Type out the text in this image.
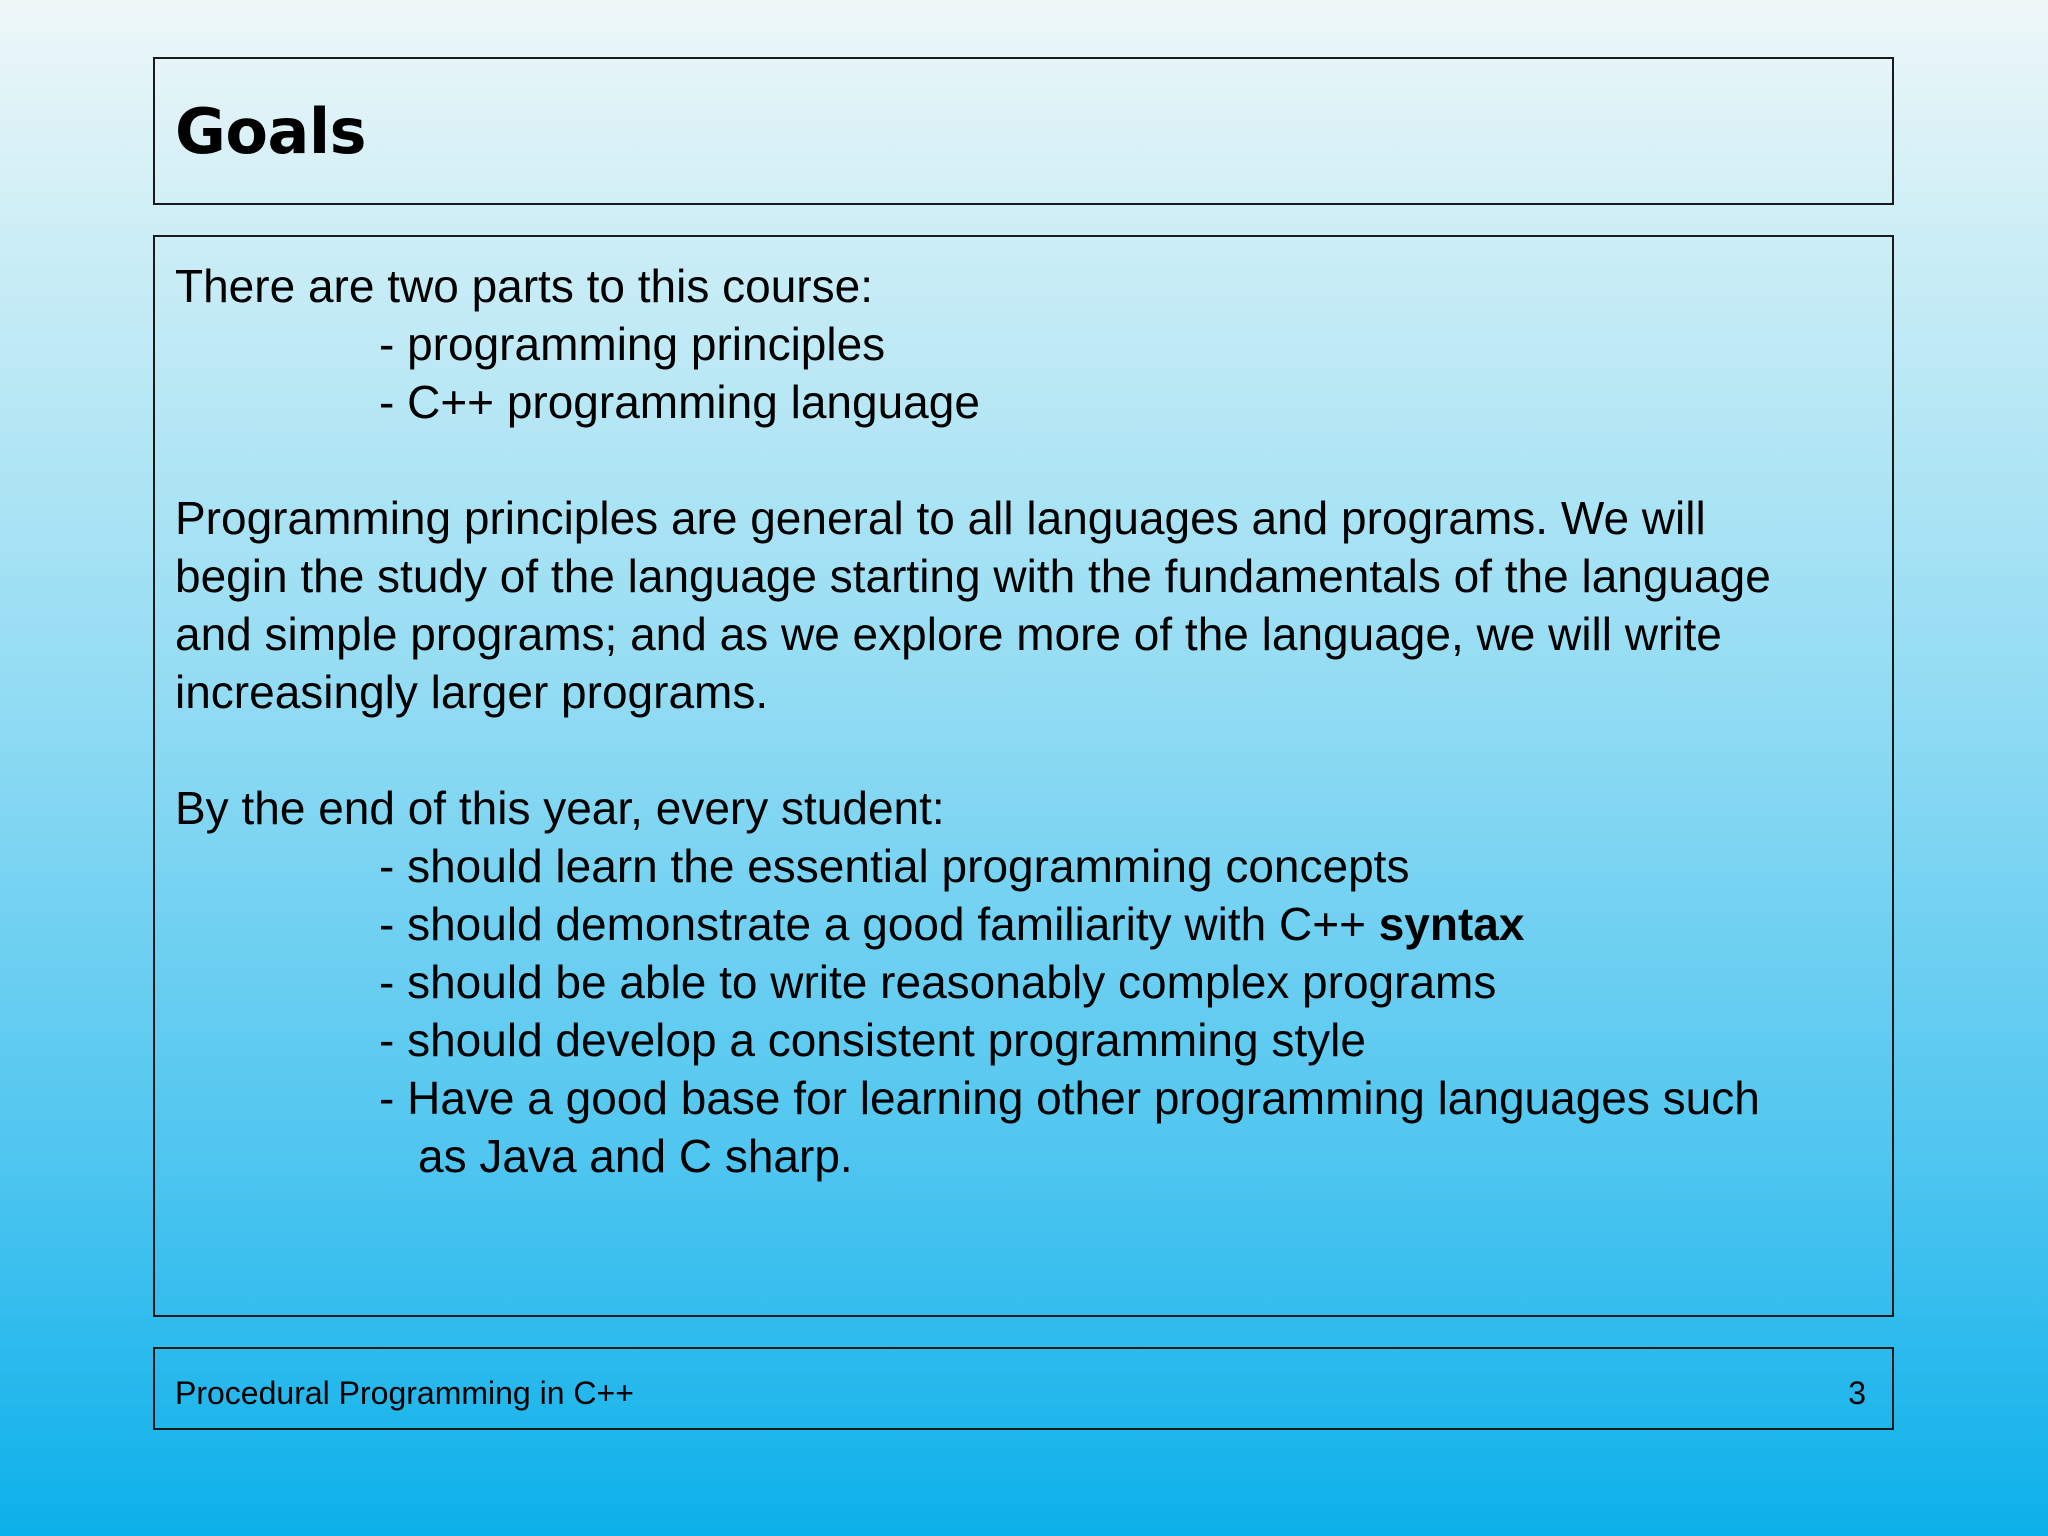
Goals

There are two parts to this course:

- programming principles

- C++ programming language

Programming principles are general to all languages and programs. We will

begin the study of the language starting with the fundamentals of the language

and simple programs; and as we explore more of the language, we will write

increasingly larger programs.

By the end of this year, every student:

- should learn the essential programming concepts

- should demonstrate a good familiarity with C++ syntax

- should be able to write reasonably complex programs

- should develop a consistent programming style

- Have a good base for learning other programming languages such

as Java and C sharp.

Procedural Programming in C++	3
